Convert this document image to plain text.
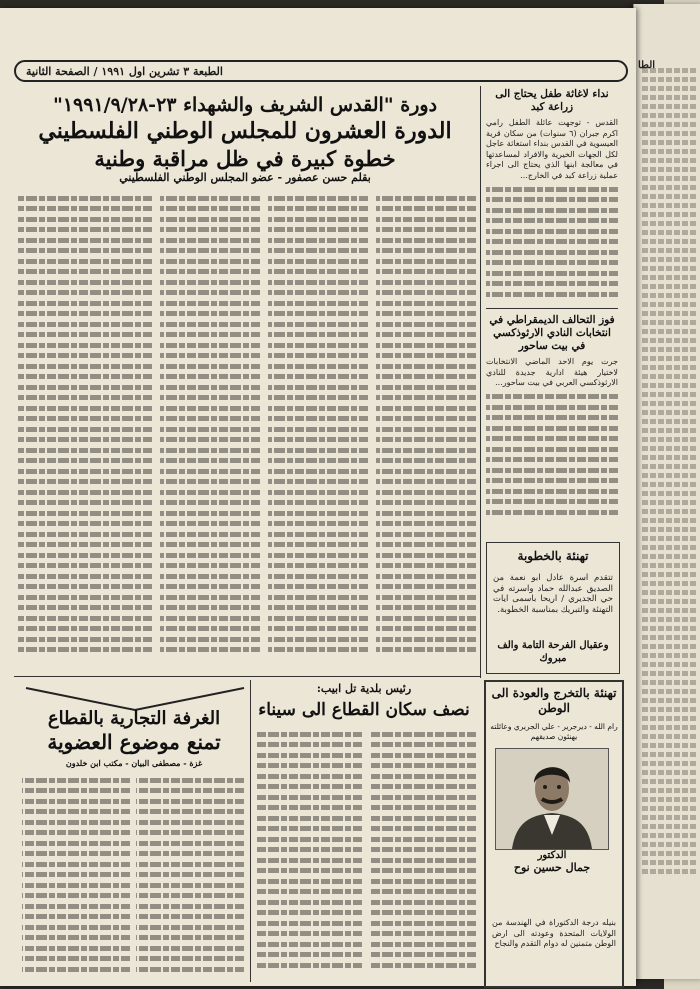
الطا
الطبعة ٣ تشرين اول ١٩٩١ / الصفحة الثانية
دورة "القدس الشريف والشهداء ٢٣-١٩٩١/٩/٢٨"
الدورة العشرون للمجلس الوطني الفلسطيني
خطوة كبيرة في ظل مراقبة وطنية
بقلم حسن عصفور - عضو المجلس الوطني الفلسطيني
نداء لاغاثة طفل يحتاج الى زراعة كبد
القدس - توجهت عائلة الطفل رامي اكرم جبران (٦ سنوات) من سكان قرية العيسوية في القدس بنداء استغاثة عاجل لكل الجهات الخيرية والافراد لمساعدتها في معالجة ابنها الذي يحتاج الى اجراء عملية زراعة كبد في الخارج...
فوز التحالف الديمقراطي في انتخابات النادي الارثوذكسي في بيت ساحور
جرت يوم الاحد الماضي الانتخابات لاختيار هيئة ادارية جديدة للنادي الارثوذكسي العربي في بيت ساحور...
تهنئة بالخطوبة
تتقدم اسرة عادل ابو نعمة من الصديق عبدالله حماد واسرته في حي الجديري / اريحا باسمى ايات التهنئة والتبريك بمناسبة الخطوبة.
وعقبال الفرحة التامة والف مبروك
تهنئة بالتخرج والعودة الى الوطن
رام الله - ديرجرير - علي الجريري وعائلته يهنئون صديقهم
بنيله درجة الدكتوراة في الهندسة من الولايات المتحدة وعودته الى ارض الوطن متمنين له دوام التقدم والنجاح
الدكتور
جمال حسين نوح
رئيس بلدية تل ابيب:
نصف سكان القطاع الى سيناء
الغرفة التجارية بالقطاع
تمنع موضوع العضوية
غزة - مصطفى البيان - مكتب ابن خلدون
